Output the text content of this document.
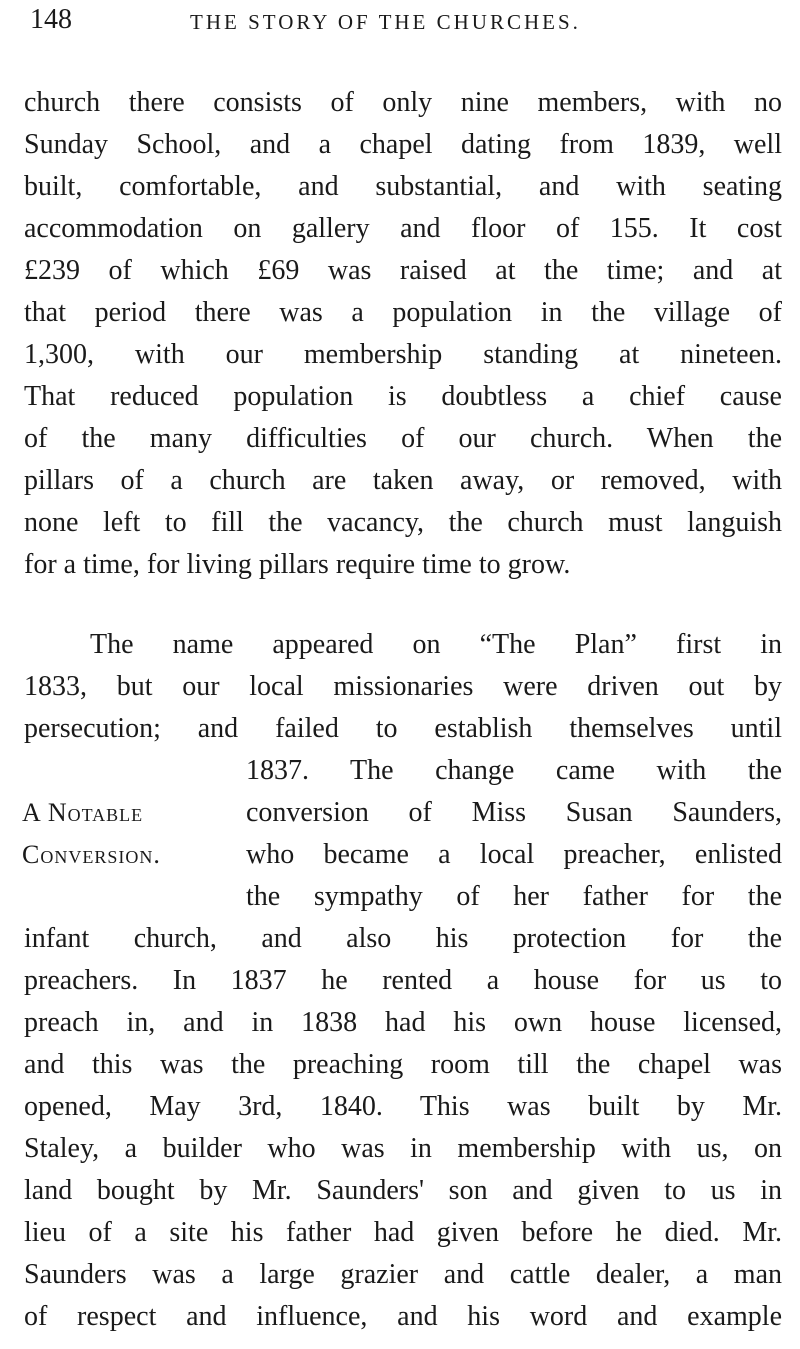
148	THE STORY OF THE CHURCHES.
church there consists of only nine members, with no
Sunday School, and a chapel dating from 1839, well
built, comfortable, and substantial, and with seating
accommodation on gallery and floor of 155. It cost
£239 of which £69 was raised at the time; and at
that period there was a population in the village of
1,300, with our membership standing at nineteen.
That reduced population is doubtless a chief cause
of the many difficulties of our church. When the
pillars of a church are taken away, or removed, with
none left to fill the vacancy, the church must languish
for a time, for living pillars require time to grow.
The name appeared on “The Plan” first in
1833, but our local missionaries were driven out by
persecution; and failed to establish themselves until
1837. The change came with the
conversion of Miss Susan Saunders,
who became a local preacher, enlisted
the sympathy of her father for the
infant church, and also his protection for the
preachers. In 1837 he rented a house for us to
preach in, and in 1838 had his own house licensed,
and this was the preaching room till the chapel was
opened, May 3rd, 1840. This was built by Mr.
Staley, a builder who was in membership with us, on
land bought by Mr. Saunders' son and given to us in
lieu of a site his father had given before he died. Mr.
Saunders was a large grazier and cattle dealer, a man
of respect and influence, and his word and example
A Notable
Conversion.
